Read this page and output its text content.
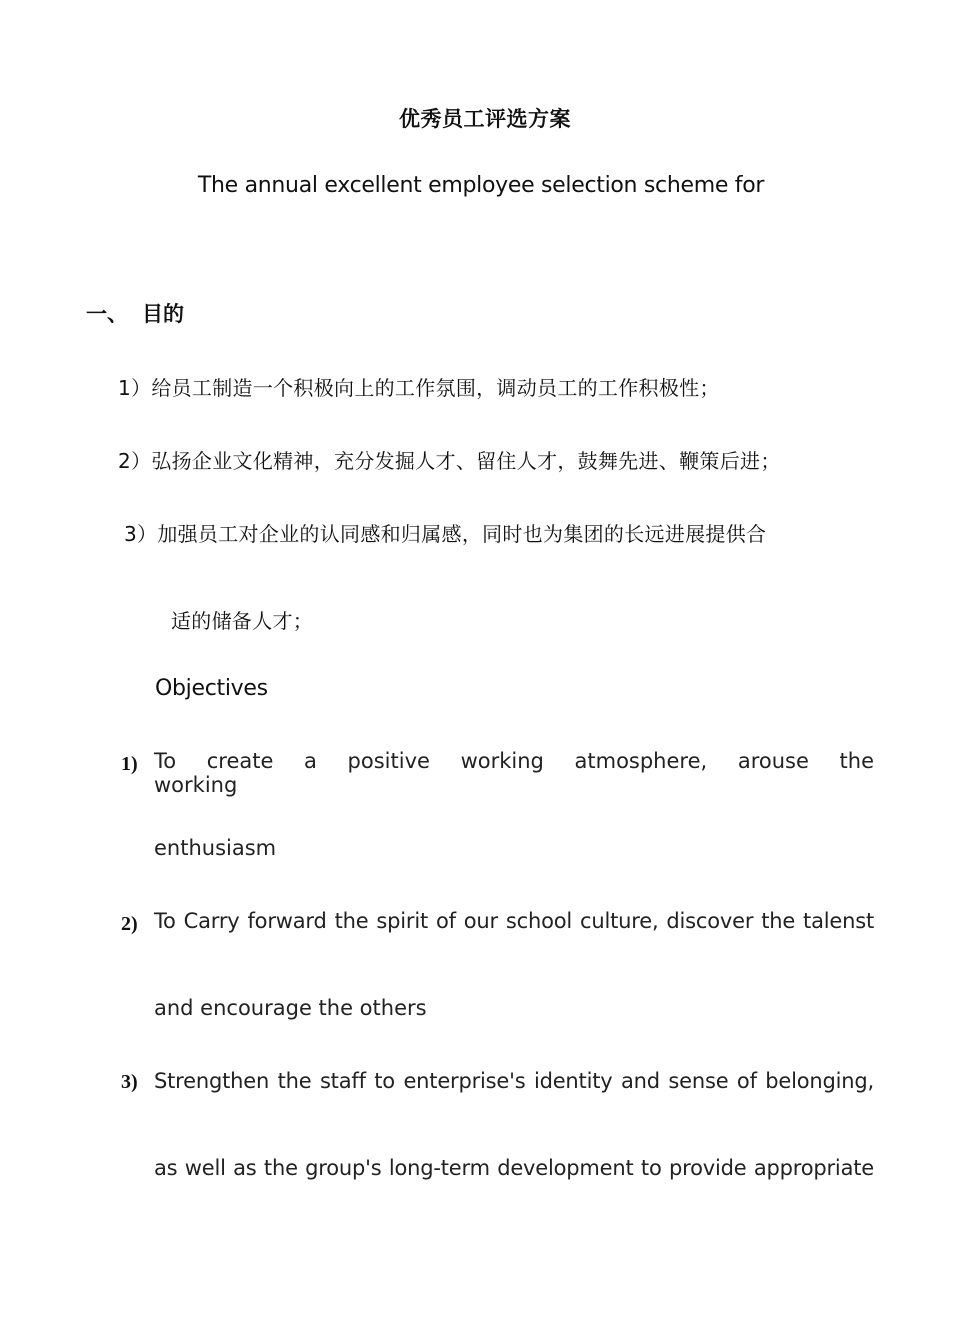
优秀员工评选方案
The annual excellent employee selection scheme for
一、 目的
1）给员工制造一个积极向上的工作氛围，调动员工的工作积极性；
2）弘扬企业文化精神，充分发掘人才、留住人才，鼓舞先进、鞭策后进；
3）加强员工对企业的认同感和归属感，同时也为集团的长远进展提供合
适的储备人才；
Objectives
1) To create a positive working atmosphere, arouse the working
enthusiasm
2) To Carry forward the spirit of our school culture, discover the talenst
and encourage the others
3) Strengthen the staff to enterprise's identity and sense of belonging,
as well as the group's long-term development to provide appropriate
